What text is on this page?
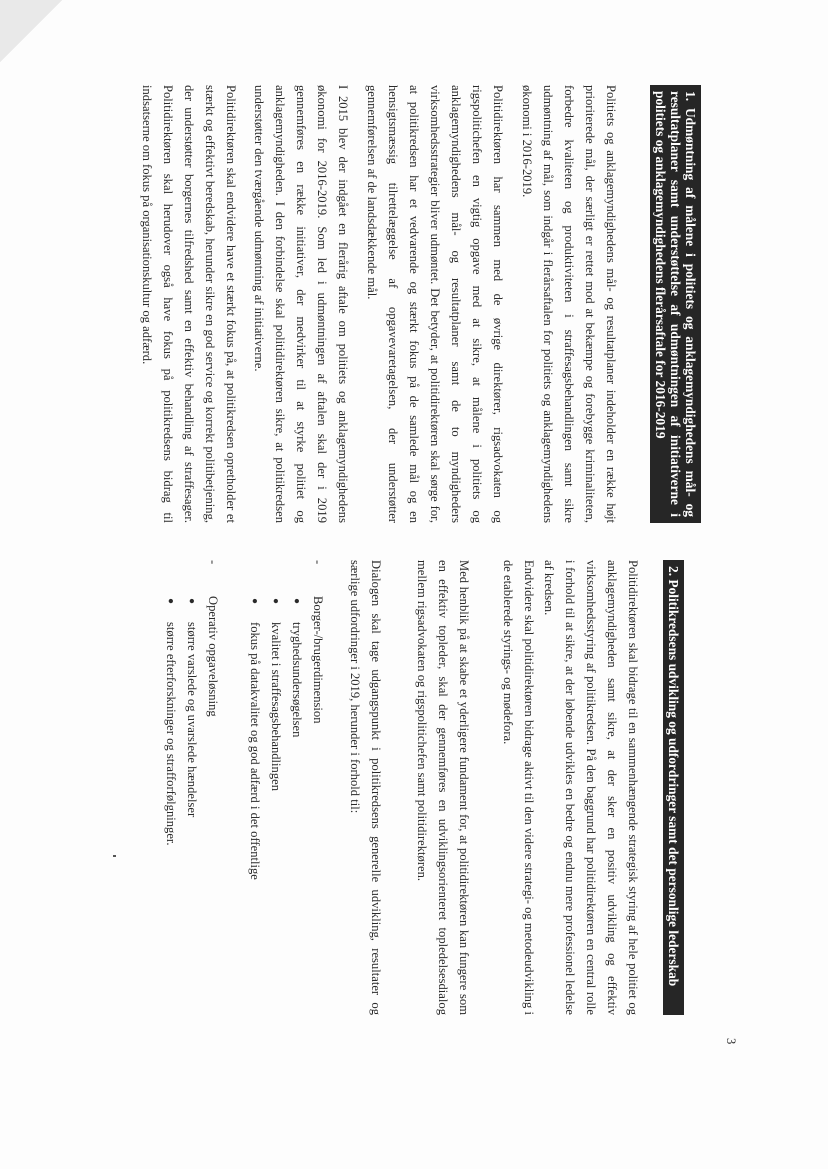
1. Udmøntning af målene i politiets og anklagemyndighedens mål- og resultatplaner samt understøttelse af udmøntningen af initiativerne i politiets og anklagemyndighedens flerårsaftale for 2016-2019

Politiets og anklagemyndighedens mål- og resultatplaner indeholder en række højt prioriterede mål, der særligt er rettet mod at bekæmpe og forebygge kriminaliteten, forbedre kvaliteten og produktiviteten i straffesagsbehandlingen samt sikre udmøntning af mål, som indgår i flerårsaftalen for politiets og anklagemyndighedens økonomi i 2016-2019.

Politidirektøren har sammen med de øvrige direktører, rigsadvokaten og rigspolitichefen en vigtig opgave med at sikre, at målene i politiets og anklagemyndighedens mål- og resultatplaner samt de to myndigheders virksomhedsstrategier bliver udmøntet. Det betyder, at politidirektøren skal sørge for, at politikredsen har et vedvarende og stærkt fokus på de samlede mål og en hensigtsmæssig tilrettelæggelse af opgavevaretagelsen, der understøtter gennemførelsen af de landsdækkende mål.

I 2015 blev der indgået en flerårig aftale om politiets og anklagemyndighedens økonomi for 2016-2019. Som led i udmøntningen af aftalen skal der i 2019 gennemføres en række initiativer, der medvirker til at styrke politiet og anklagemyndigheden. I den forbindelse skal politidirektøren sikre, at politikredsen understøtter den tværgående udmøntning af initiativerne.

Politidirektøren skal endvidere have et stærkt fokus på, at politikredsen opretholder et stærkt og effektivt beredskab, herunder sikre en god service og korrekt politibetjening, der understøtter borgernes tilfredshed samt en effektiv behandling af straffesager. Politidirektøren skal herudover også have fokus på politikredsens bidrag til indsatserne om fokus på organisationskultur og adfærd.

2. Politikredsens udvikling og udfordringer samt det personlige lederskab

Politidirektøren skal bidrage til en sammenhængende strategisk styring af hele politiet og anklagemyndigheden samt sikre, at der sker en positiv udvikling og effektiv virksomhedsstyring af politikredsen. På den baggrund har politidirektøren en central rolle i forhold til at sikre, at der løbende udvikles en bedre og endnu mere professionel ledelse af kredsen.

Endvidere skal politidirektøren bidrage aktivt til den videre strategi- og metodeudvikling i de etablerede styrings- og mødefora.

Med henblik på at skabe et yderligere fundament for, at politidirektøren kan fungere som en effektiv topleder, skal der gennemføres en udviklingsorienteret topledelsesdialog mellem rigsadvokaten og rigspolitichefen samt politidirektøren.

Dialogen skal tage udgangspunkt i politikredsens generelle udvikling, resultater og særlige udfordringer i 2019, herunder i forhold til:

-
Borger-/brugerdimension
●
tryghedsundersøgelsen
●
kvalitet i straffesagsbehandlingen
●
fokus på datakvalitet og god adfærd i det offentlige
-
Operativ opgaveløsning
●
større varslede og uvarslede hændelser
●
større efterforskninger og strafforfølgninger.
3
